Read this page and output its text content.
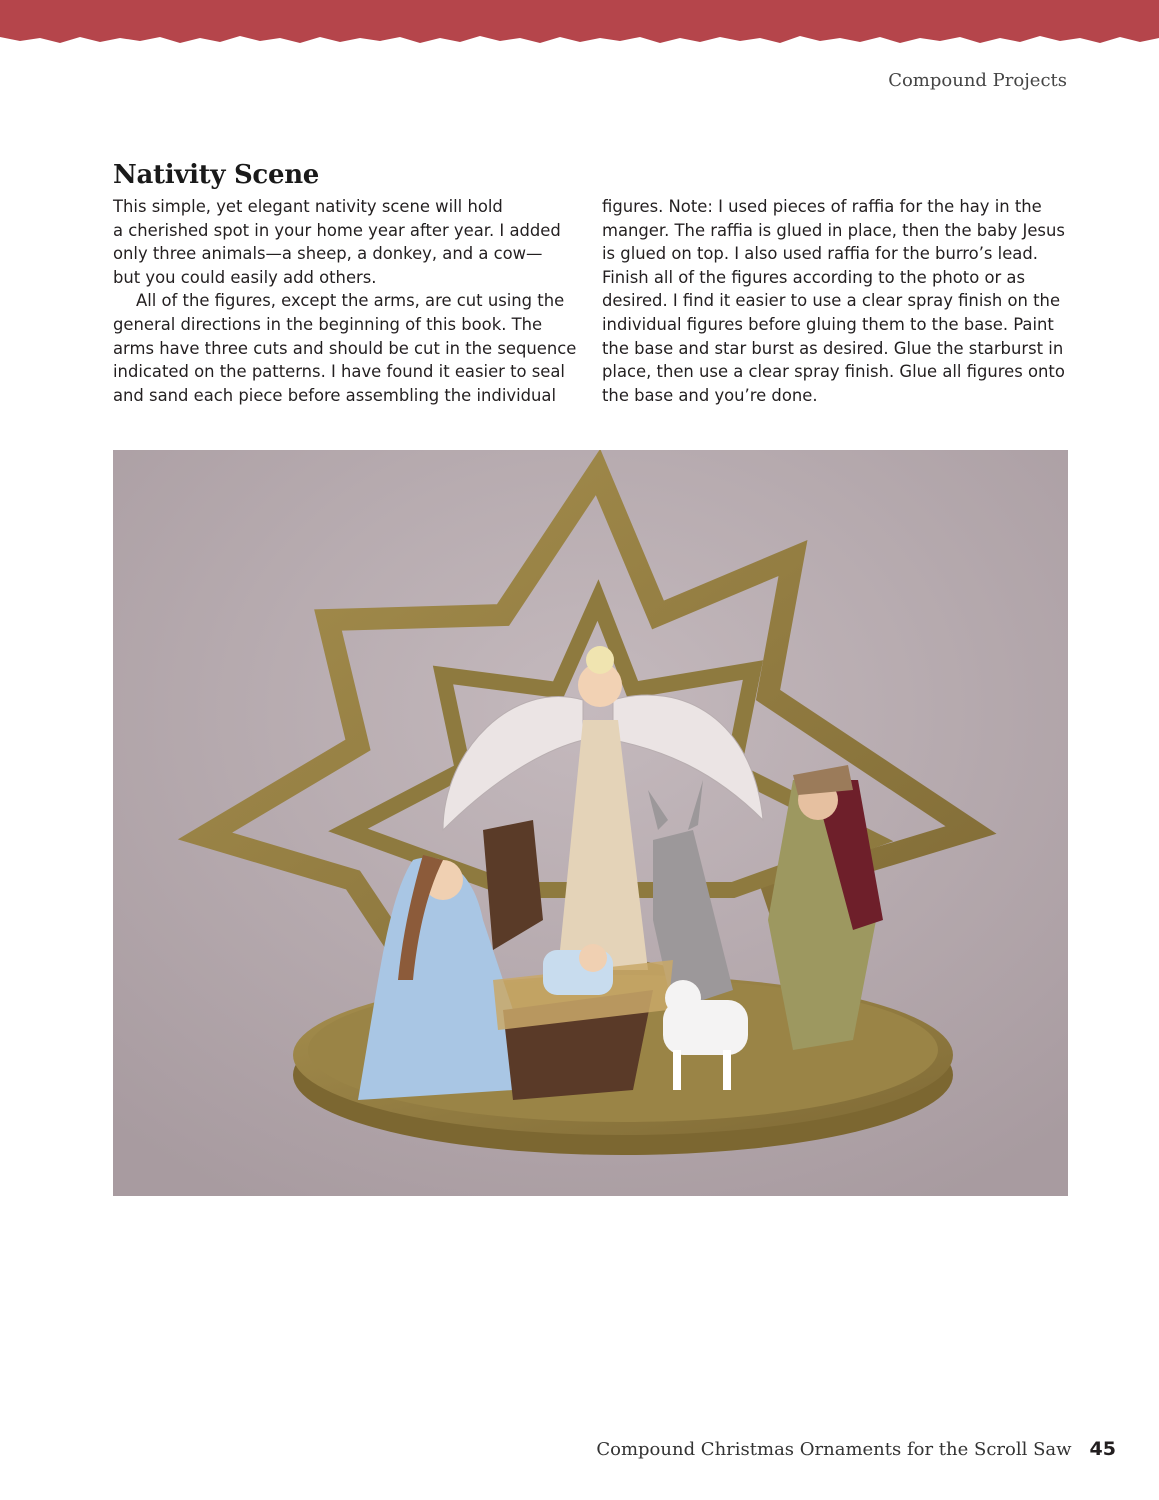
Compound Projects
Nativity Scene
This simple, yet elegant nativity scene will hold
a cherished spot in your home year after year. I added
only three animals—a sheep, a donkey, and a cow—
but you could easily add others.
All of the figures, except the arms, are cut using the
general directions in the beginning of this book. The
arms have three cuts and should be cut in the sequence
indicated on the patterns. I have found it easier to seal
and sand each piece before assembling the individual
figures. Note: I used pieces of raffia for the hay in the
manger. The raffia is glued in place, then the baby Jesus
is glued on top. I also used raffia for the burro’s lead.
Finish all of the figures according to the photo or as
desired. I find it easier to use a clear spray finish on the
individual figures before gluing them to the base. Paint
the base and star burst as desired. Glue the starburst in
place, then use a clear spray finish. Glue all figures onto
the base and you’re done.
Compound Christmas Ornaments for the Scroll Saw 45
